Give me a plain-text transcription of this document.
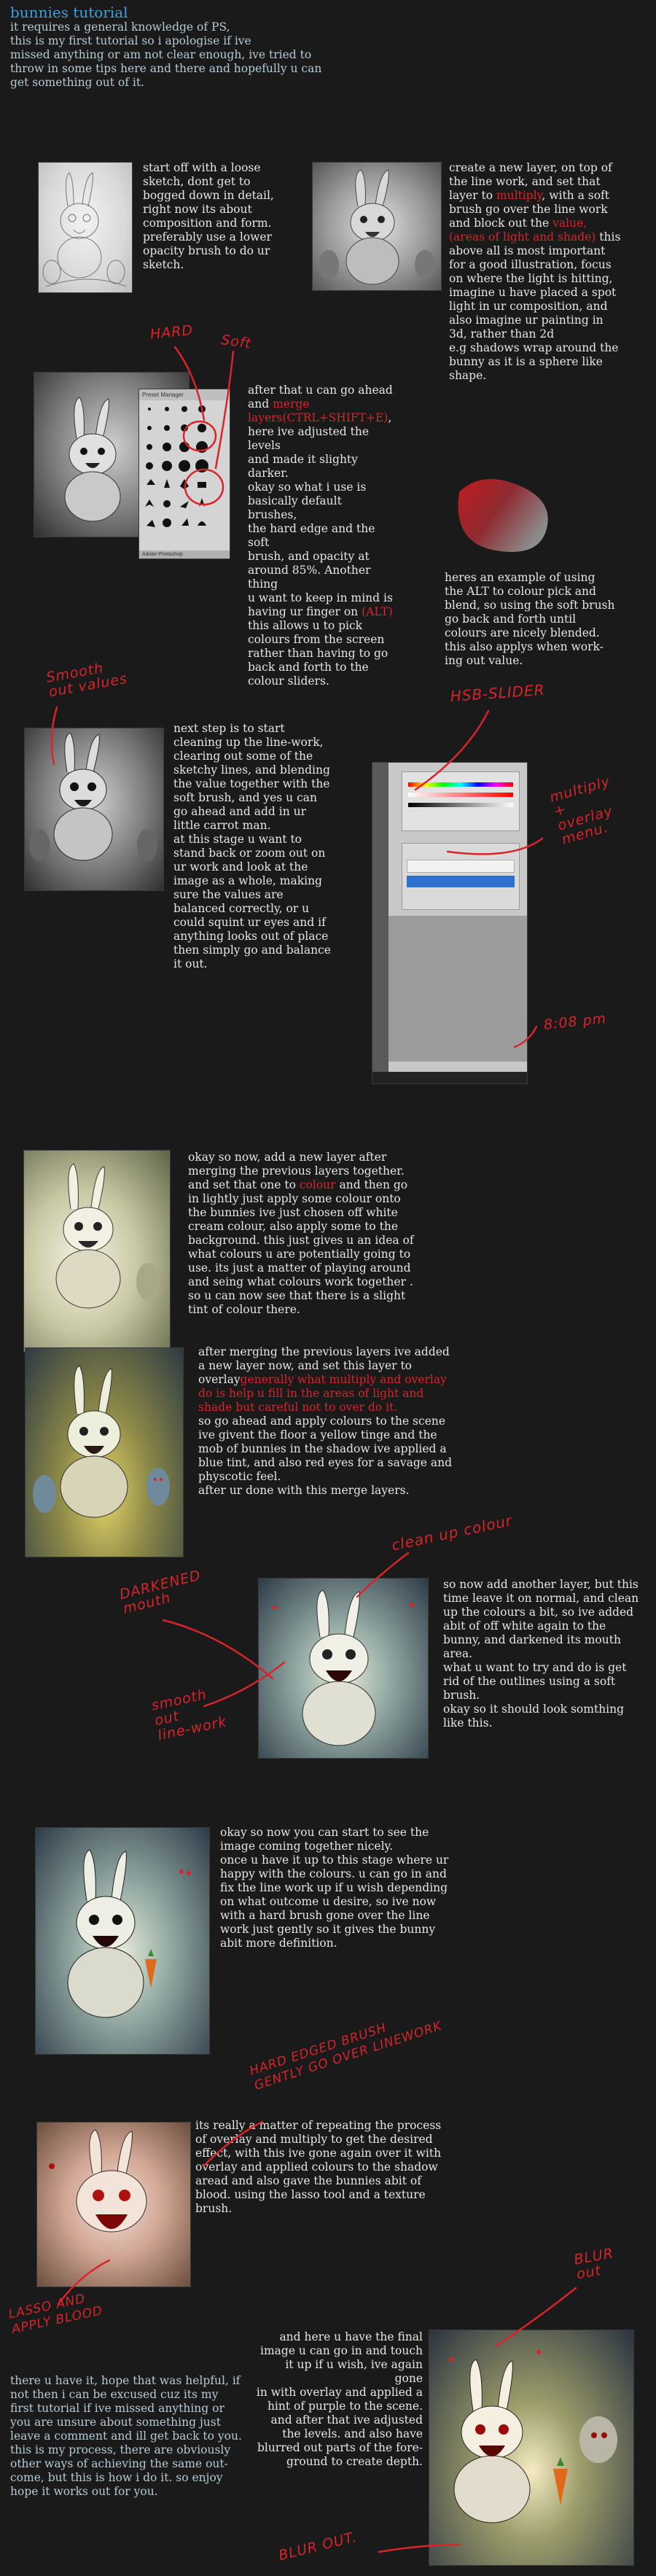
bunnies tutorial

it requires a general knowledge of PS,
this is my first tutorial so i apologise if ive
missed anything or am not clear enough, ive tried to
throw in some tips here and there and hopefully u can
get something out of it.

start off with a loose
sketch, dont get to
bogged down in detail,
right now its about
composition and form.
preferably use a lower
opacity brush to do ur
sketch.

create a new layer, on top of
the line work, and set that
layer to multiply, with a soft
brush go over the line work
and block out the value,
(areas of light and shade) this
above all is most important
for a good illustration, focus
on where the light is hitting,
imagine u have placed a spot
light in ur composition, and
also imagine ur painting in
3d, rather than 2d
e.g shadows wrap around the
bunny as it is a sphere like
shape.

Preset Manager
Adobe Photoshop

after that u can go ahead
and merge
layers(CTRL+SHIFT+E),
here ive adjusted the levels
and made it slighty darker.
okay so what i use is
basically default brushes,
the hard edge and the soft
brush, and opacity at
around 85%. Another thing
u want to keep in mind is
having ur finger on (ALT)
this allows u to pick
colours from the screen
rather than having to go
back and forth to the
colour sliders.

heres an example of using
the ALT to colour pick and
blend, so using the soft brush
go back and forth until
colours are nicely blended.
this also applys when work-
ing out value.

next step is to start
cleaning up the line-work,
clearing out some of the
sketchy lines, and blending
the value together with the
soft brush, and yes u can
go ahead and add in ur
little carrot man.
at this stage u want to
stand back or zoom out on
ur work and look at the
image as a whole, making
sure the values are
balanced correctly, or u
could squint ur eyes and if
anything looks out of place
then simply go and balance
it out.

okay so now, add a new layer after
merging the previous layers together.
and set that one to colour and then go
in lightly just apply some colour onto
the bunnies ive just chosen off white
cream colour, also apply some to the
background. this just gives u an idea of
what colours u are potentially going to
use. its just a matter of playing around
and seing what colours work together .
so u can now see that there is a slight
tint of colour there.

after merging the previous layers ive added
a new layer now, and set this layer to
overlaygenerally what multiply and overlay
do is help u fill in the areas of light and
shade but careful not to over do it.
so go ahead and apply colours to the scene
ive givent the floor a yellow tinge and the
mob of bunnies in the shadow ive applied a
blue tint, and also red eyes for a savage and
physcotic feel.
after ur done with this merge layers.

so now add another layer, but this
time leave it on normal, and clean
up the colours a bit, so ive added
abit of off white again to the
bunny, and darkened its mouth
area.
what u want to try and do is get
rid of the outlines using a soft
brush.
okay so it should look somthing
like this.

okay so now you can start to see the
image coming together nicely.
once u have it up to this stage where ur
happy with the colours. u can go in and
fix the line work up if u wish depending
on what outcome u desire, so ive now
with a hard brush gone over the line
work just gently so it gives the bunny
abit more definition.

its really a matter of repeating the process
of overlay and multiply to get the desired
effect, with this ive gone again over it with
overlay and applied colours to the shadow
aread and also gave the bunnies abit of
blood. using the lasso tool and a texture
brush.

and here u have the final
image u can go in and touch
it up if u wish, ive again gone
in with overlay and applied a
hint of purple to the scene.
and after that ive adjusted
the levels. and also have
blurred out parts of the fore-
ground to create depth.

there u have it, hope that was helpful, if
not then i can be excused cuz its my
first tutorial if ive missed anything or
you are unsure about something just
leave a comment and ill get back to you.
this is my process, there are obviously
other ways of achieving the same out-
come, but this is how i do it. so enjoy
hope it works out for you.

HARD Soft
Smooth
out values	HSB-SLIDER
multiply
+
overlay
menu.
8:08 pm
clean up colour
DARKENED
mouth
smooth
out
line-work
HARD EDGED BRUSH
GENTLY GO OVER LINEWORK
LASSO AND
APPLY BLOOD
BLUR
out
BLUR OUT.
